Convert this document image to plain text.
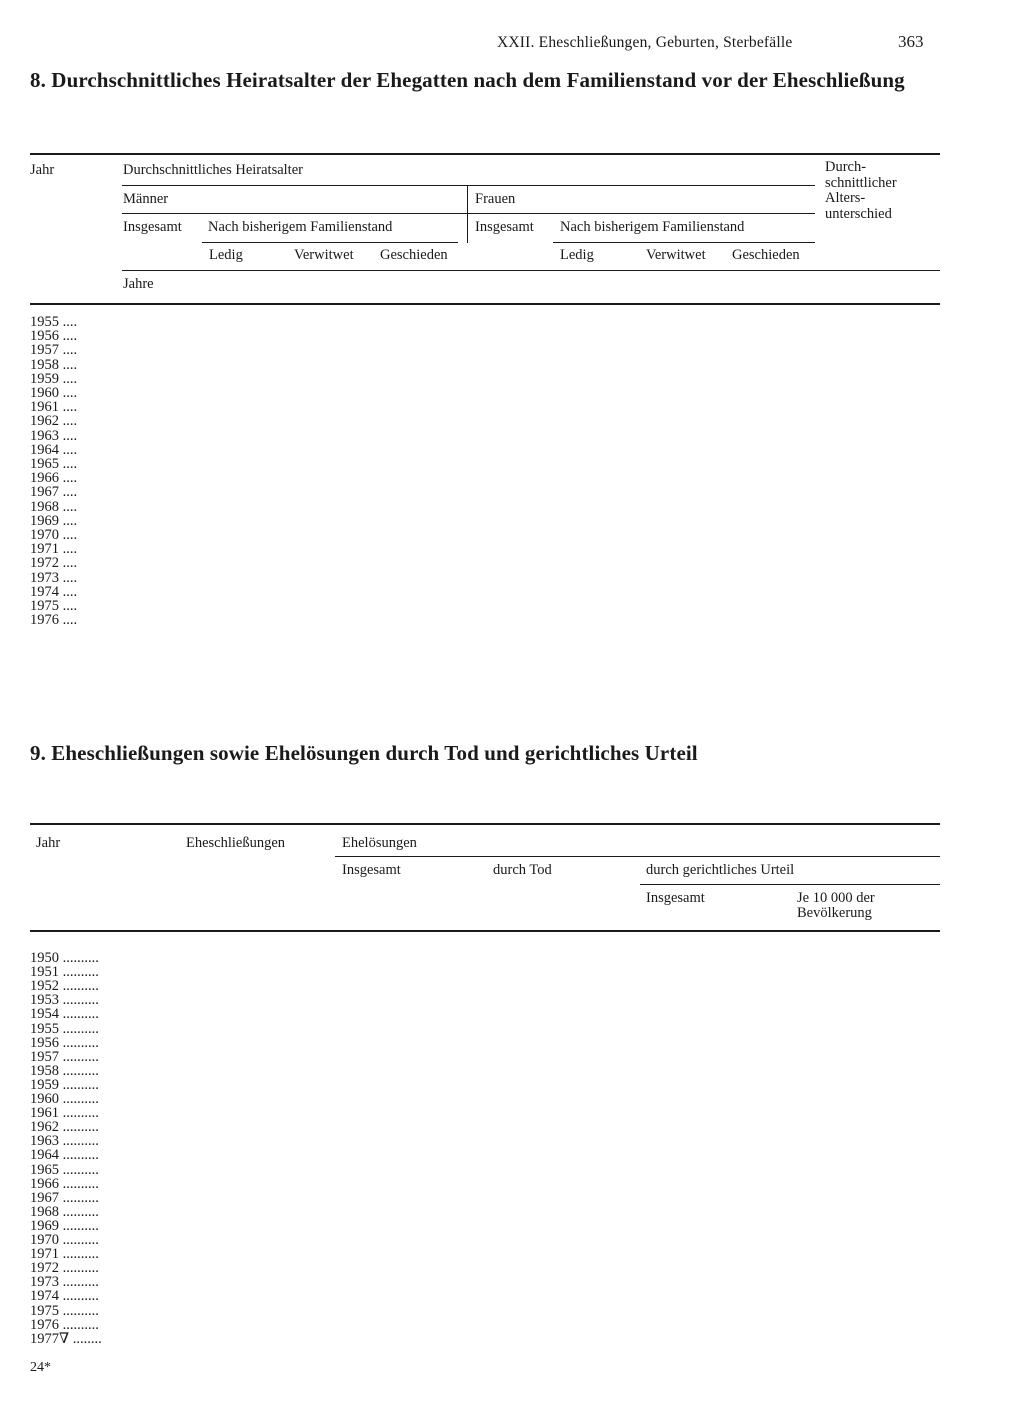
XXII. Eheschließungen, Geburten, Sterbefälle	363
8. Durchschnittliches Heiratsalter der Ehegatten nach dem Familienstand vor der Eheschließung
Jahr	Durchschnittliches Heiratsalter	Durch-
schnittlicher
Alters-
unterschied
Männer	Frauen
Insgesamt Nach bisherigem Familienstand	Insgesamt Nach bisherigem Familienstand
Ledig	Verwitwet Geschieden	Ledig	Verwitwet Geschieden
Jahre
1955 ....
1956 ....
1957 ....
1958 ....
1959 ....
1960 ....
1961 ....
1962 ....
1963 ....
1964 ....
1965 ....
1966 ....
1967 ....
1968 ....
1969 ....
1970 ....
1971 ....
1972 ....
1973 ....
1974 ....
1975 ....
1976 ....
9. Eheschließungen sowie Ehelösungen durch Tod und gerichtliches Urteil
Jahr	Eheschließungen	Ehelösungen
Insgesamt	durch Tod	durch gerichtliches Urteil
Insgesamt	Je 10 000 der
Bevölkerung
1950 ..........
1951 ..........
1952 ..........
1953 ..........
1954 ..........
1955 ..........
1956 ..........
1957 ..........
1958 ..........
1959 ..........
1960 ..........
1961 ..........
1962 ..........
1963 ..........
1964 ..........
1965 ..........
1966 ..........
1967 ..........
1968 ..........
1969 ..........
1970 ..........
1971 ..........
1972 ..........
1973 ..........
1974 ..........
1975 ..........
1976 ..........
1977∇ ........
24*
